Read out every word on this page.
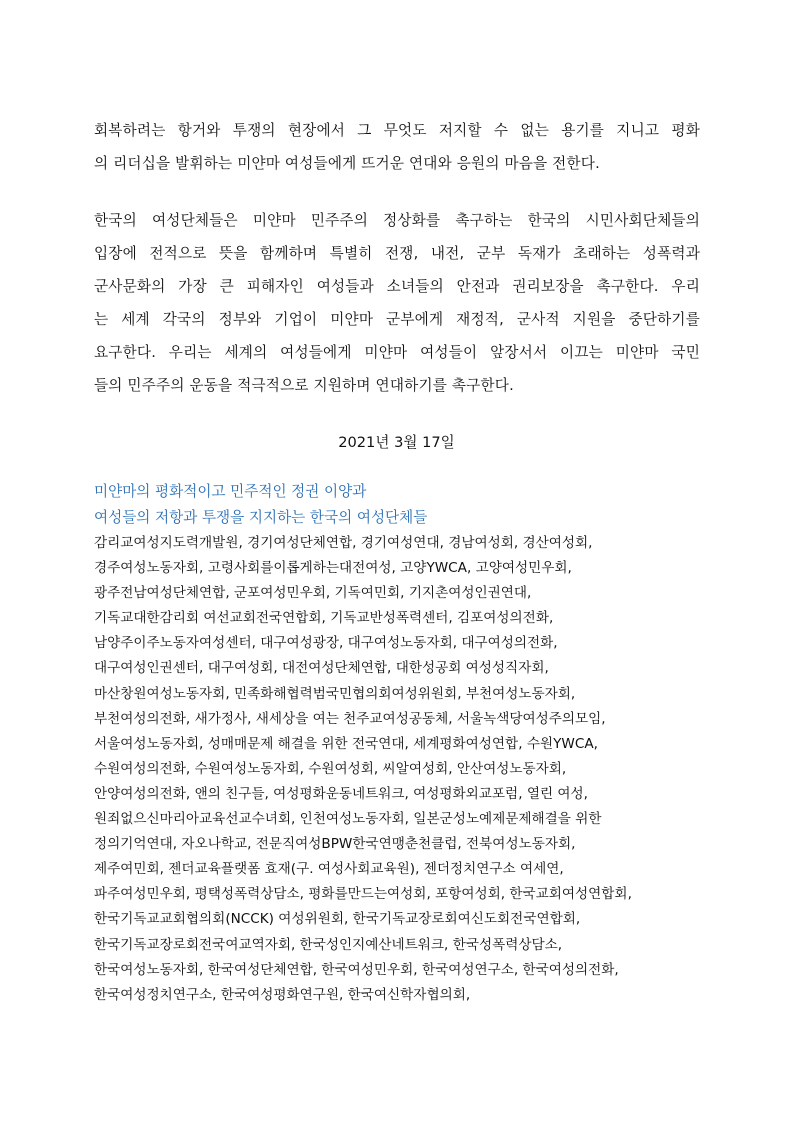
회복하려는 항거와 투쟁의 현장에서 그 무엇도 저지할 수 없는 용기를 지니고 평화
의 리더십을 발휘하는 미얀마 여성들에게 뜨거운 연대와 응원의 마음을 전한다.
한국의 여성단체들은 미얀마 민주주의 정상화를 촉구하는 한국의 시민사회단체들의
입장에 전적으로 뜻을 함께하며 특별히 전쟁, 내전, 군부 독재가 초래하는 성폭력과
군사문화의 가장 큰 피해자인 여성들과 소녀들의 안전과 권리보장을 촉구한다. 우리
는 세계 각국의 정부와 기업이 미얀마 군부에게 재정적, 군사적 지원을 중단하기를
요구한다. 우리는 세계의 여성들에게 미얀마 여성들이 앞장서서 이끄는 미얀마 국민
들의 민주주의 운동을 적극적으로 지원하며 연대하기를 촉구한다.
2021년 3월 17일
미얀마의 평화적이고 민주적인 정권 이양과
여성들의 저항과 투쟁을 지지하는 한국의 여성단체들
감리교여성지도력개발원, 경기여성단체연합, 경기여성연대, 경남여성회, 경산여성회,
경주여성노동자회, 고령사회를이롭게하는대전여성, 고양YWCA, 고양여성민우회,
광주전남여성단체연합, 군포여성민우회, 기독여민회, 기지촌여성인권연대,
기독교대한감리회 여선교회전국연합회, 기독교반성폭력센터, 김포여성의전화,
남양주이주노동자여성센터, 대구여성광장, 대구여성노동자회, 대구여성의전화,
대구여성인권센터, 대구여성회, 대전여성단체연합, 대한성공회 여성성직자회,
마산창원여성노동자회, 민족화해협력범국민협의회여성위원회, 부천여성노동자회,
부천여성의전화, 새가정사, 새세상을 여는 천주교여성공동체, 서울녹색당여성주의모임,
서울여성노동자회, 성매매문제 해결을 위한 전국연대, 세계평화여성연합, 수원YWCA,
수원여성의전화, 수원여성노동자회, 수원여성회, 씨알여성회, 안산여성노동자회,
안양여성의전화, 앤의 친구들, 여성평화운동네트워크, 여성평화외교포럼, 열린 여성,
원죄없으신마리아교육선교수녀회, 인천여성노동자회, 일본군성노예제문제해결을 위한
정의기억연대, 자오나학교, 전문직여성BPW한국연맹춘천클럽, 전북여성노동자회,
제주여민회, 젠더교육플랫폼 효재(구. 여성사회교육원), 젠더정치연구소 여세연,
파주여성민우회, 평택성폭력상담소, 평화를만드는여성회, 포항여성회, 한국교회여성연합회,
한국기독교교회협의회(NCCK) 여성위원회, 한국기독교장로회여신도회전국연합회,
한국기독교장로회전국여교역자회, 한국성인지예산네트워크, 한국성폭력상담소,
한국여성노동자회, 한국여성단체연합, 한국여성민우회, 한국여성연구소, 한국여성의전화,
한국여성정치연구소, 한국여성평화연구원, 한국여신학자협의회,
